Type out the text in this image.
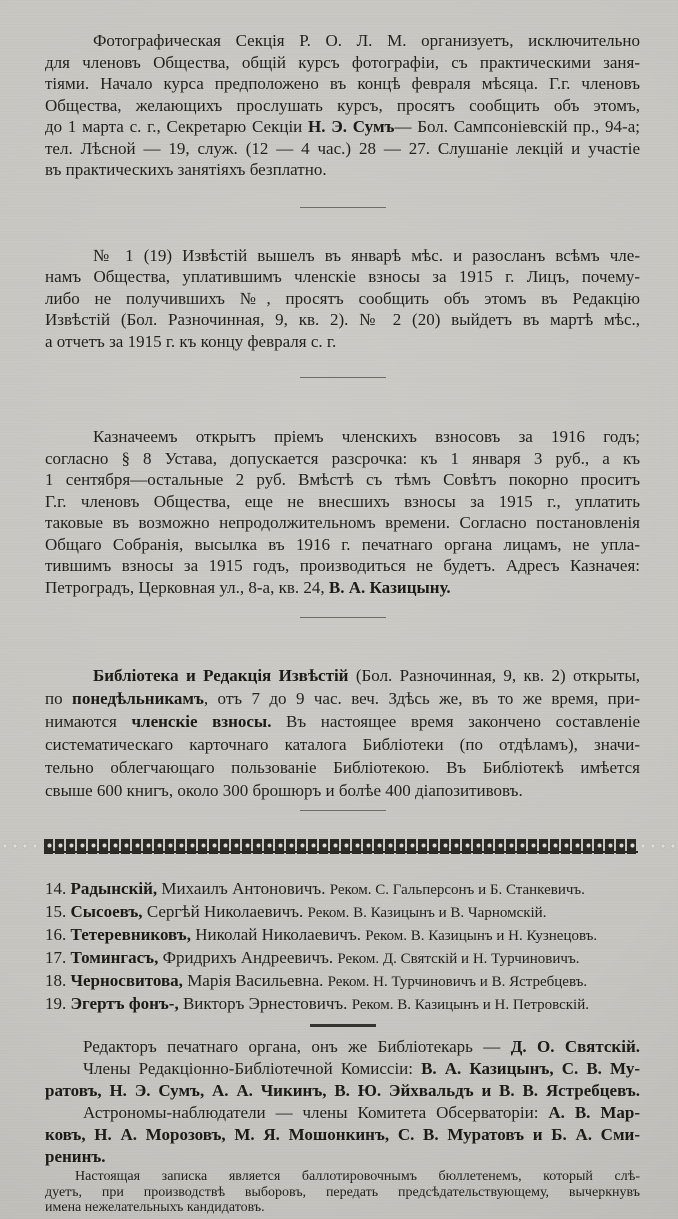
Фотографическая Секція Р. О. Л. М. организуетъ, исключительно
для членовъ Общества, общій курсъ фотографіи, съ практическими заня-
тіями. Начало курса предположено въ концѣ февраля мѣсяца. Г.г. членовъ
Общества, желающихъ прослушать курсъ, просятъ сообщить объ этомъ,
до 1 марта с. г., Секретарю Секціи Н. Э. Сумъ— Бол. Сампсоніевскій пр., 94-а;
тел. Лѣсной — 19, служ. (12 — 4 час.) 28 — 27. Слушаніе лекцій и участіе
въ практическихъ занятіяхъ безплатно.
№ 1 (19) Извѣстій вышелъ въ январѣ мѣс. и разосланъ всѣмъ чле-
намъ Общества, уплатившимъ членскіе взносы за 1915 г. Лицъ, почему-
либо не получившихъ №, просятъ сообщить объ этомъ въ Редакцію
Извѣстій (Бол. Разночинная, 9, кв. 2). № 2 (20) выйдетъ въ мартѣ мѣс.,
а отчетъ за 1915 г. къ концу февраля с. г.
Казначеемъ открытъ пріемъ членскихъ взносовъ за 1916 годъ;
согласно § 8 Устава, допускается разсрочка: къ 1 января 3 руб., а къ
1 сентября—остальные 2 руб. Вмѣстѣ съ тѣмъ Совѣтъ покорно проситъ
Г.г. членовъ Общества, еще не внесшихъ взносы за 1915 г., уплатить
таковые въ возможно непродолжительномъ времени. Согласно постановленія
Общаго Собранія, высылка въ 1916 г. печатнаго органа лицамъ, не упла-
тившимъ взносы за 1915 годъ, производиться не будетъ. Адресъ Казначея:
Петроградъ, Церковная ул., 8-а, кв. 24, В. А. Казицыну.
Библіотека и Редакція Извѣстій (Бол. Разночинная, 9, кв. 2) открыты,
по понедѣльникамъ, отъ 7 до 9 час. веч. Здѣсь же, въ то же время, при-
нимаются членскіе взносы. Въ настоящее время закончено составленіе
систематическаго карточнаго каталога Библіотеки (по отдѣламъ), значи-
тельно облегчающаго пользованіе Библіотекою. Въ Библіотекѣ имѣется
свыше 600 книгъ, около 300 брошюръ и болѣе 400 діапозитивовъ.
14. Радынскій, Михаилъ Антоновичъ. Реком. С. Гальперсонъ и Б. Станкевичъ.
15. Сысоевъ, Сергѣй Николаевичъ. Реком. В. Казицынъ и В. Чарномскій.
16. Тетеревниковъ, Николай Николаевичъ. Реком. В. Казицынъ и Н. Кузнецовъ.
17. Томингасъ, Фридрихъ Андреевичъ. Реком. Д. Святскій и Н. Турчиновичъ.
18. Черносвитова, Марія Васильевна. Реком. Н. Турчиновичъ и В. Ястребцевъ.
19. Эгертъ фонъ-, Викторъ Эрнестовичъ. Реком. В. Казицынъ и Н. Петровскій.
Редакторъ печатнаго органа, онъ же Библіотекарь — Д. О. Святскій.
Члены Редакціонно-Библіотечной Комиссіи: В. А. Казицынъ, С. В. Му-
ратовъ, Н. Э. Сумъ, А. А. Чикинъ, В. Ю. Эйхвальдъ и В. В. Ястребцевъ.
Астрономы-наблюдатели — члены Комитета Обсерваторіи: А. В. Мар-
ковъ, Н. А. Морозовъ, М. Я. Мошонкинъ, С. В. Муратовъ и Б. А. Сми-
ренинъ.
Настоящая записка является баллотировочнымъ бюллетенемъ, который слѣ-
дуетъ, при производствѣ выборовъ, передать предсѣдательствующему, вычеркнувъ
имена нежелательныхъ кандидатовъ.
